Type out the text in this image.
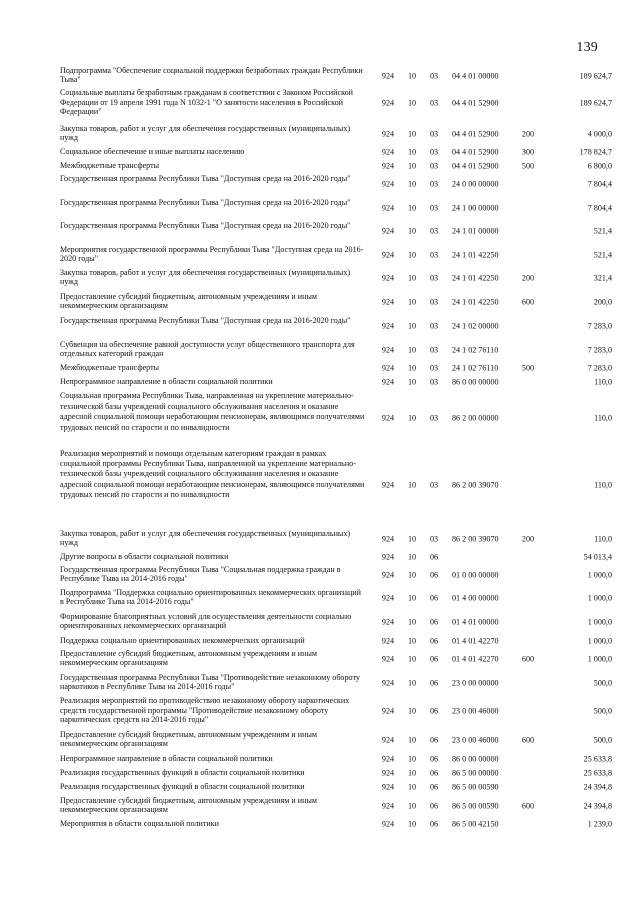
139
Подпрограмма "Обеспечение социальной поддержки безработных граждан Республики Тыва"
924	10	03	04 4 01 00000	189 624,7
Социальные выплаты безработным гражданам в соответствии с Законом Российской Федерации от 19 апреля 1991 года N 1032-1 "О занятости населения в Российской Федерации"
924	10	03	04 4 01 52900	189 624,7
Закупка товаров, работ и услуг для обеспечения государственных (муниципальных) нужд
924	10	03	04 4 01 52900	200	4 000,0
Социальное обеспечение и иные выплаты населению	924	10	03	04 4 01 52900	300	178 824,7
Межбюджетные трансферты	924	10	03	04 4 01 52900	500	6 800,0
Государственная программа Республики Тыва "Доступная среда на 2016-2020 годы"
924	10	03	24 0 00 00000	7 804,4
Государственная программа Республики Тыва "Доступная среда на 2016-2020 годы"
924	10	03	24 1 00 00000	7 804,4
Государственная программа Республики Тыва "Доступная среда на 2016-2020 годы"
924	10	03	24 1 01 00000	521,4
Мероприятия государственной программы Республики Тыва "Доступная среда на 2016-2020 годы"
924	10	03	24 1 01 42250	521,4
Закупка товаров, работ и услуг для обеспечения государственных (муниципальных) нужд
924	10	03	24 1 01 42250	200	321,4
Предоставление субсидий бюджетным, автономным учреждениям и иным некоммерческим организациям
924	10	03	24 1 01 42250	600	200,0
Государственная программа Республики Тыва "Доступная среда на 2016-2020 годы"
924	10	03	24 1 02 00000	7 283,0
Субвенция на обеспечение равной доступности услуг общественного транспорта для отдельных категорий граждан
924	10	03	24 1 02 76110	7 283,0
Межбюджетные трансферты	924	10	03	24 1 02 76110	500	7 283,0
Непрограммное направление в области социальной политики	924	10	03	86 0 00 00000	110,0
Социальная программа Республики Тыва, направленная на укрепление материально-технической базы учреждений социального обслуживания населения и оказание адресной социальной помощи неработающим пенсионерам, являющимся получателями трудовых пенсий по старости и по инвалидности
924	10	03	86 2 00 00000	110,0
Реализация мероприятий и помощи отдельным категориям граждан в рамках социальной программы Республики Тыва, направленной на укрепление материально-технической базы учреждений социального обслуживания населения и оказание адресной социальной помощи неработающим пенсионерам, являющимся получателями трудовых пенсий по старости и по инвалидности
924	10	03	86 2 00 39070	110,0
Закупка товаров, работ и услуг для обеспечения государственных (муниципальных) нужд
924	10	03	86 2 00 39070	200	110,0
Другие вопросы в области социальной политики	924	10	06	54 013,4
Государственная программа Республики Тыва "Социальная поддержка граждан в Республике Тыва на 2014-2016 годы"
924	10	06	01 0 00 00000	1 000,0
Подпрограмма "Поддержка социально ориентированных некоммерческих организаций в Республике Тыва на 2014-2016 годы"
924	10	06	01 4 00 00000	1 000,0
Формирование благоприятных условий для осуществления деятельности социально ориентированных некоммерческих организаций
924	10	06	01 4 01 00000	1 000,0
Поддержка социально ориентированных некоммерческих организаций	924	10	06	01 4 01 42270	1 000,0
Предоставление субсидий бюджетным, автономным учреждениям и иным некоммерческим организациям
924	10	06	01 4 01 42270	600	1 000,0
Государственная программа Республики Тыва "Противодействие незаконному обороту наркотиков в Республике Тыва на 2014-2016 годы"
924	10	06	23 0 00 00000	500,0
Реализация мероприятий по противодействию незаконному обороту наркотических средств государственной программы "Противодействие незаконному обороту наркотических средств на 2014-2016 годы"
924	10	06	23 0 00 46000	500,0
Предоставление субсидий бюджетным, автономным учреждениям и иным некоммерческим организациям
924	10	06	23 0 00 46000	600	500,0
Непрограммное направление в области социальной политики	924	10	06	86 0 00 00000	25 633,8
Реализация государственных функций в области социальной политики	924	10	06	86 5 00 00000	25 633,8
Реализация государственных функций в области социальной политики	924	10	06	86 5 00 00590	24 394,8
Предоставление субсидий бюджетным, автономным учреждениям и иным некоммерческим организациям
924	10	06	86 5 00 00590	600	24 394,8
Мероприятия в области социальной политики	924	10	06	86 5 00 42150	1 239,0
